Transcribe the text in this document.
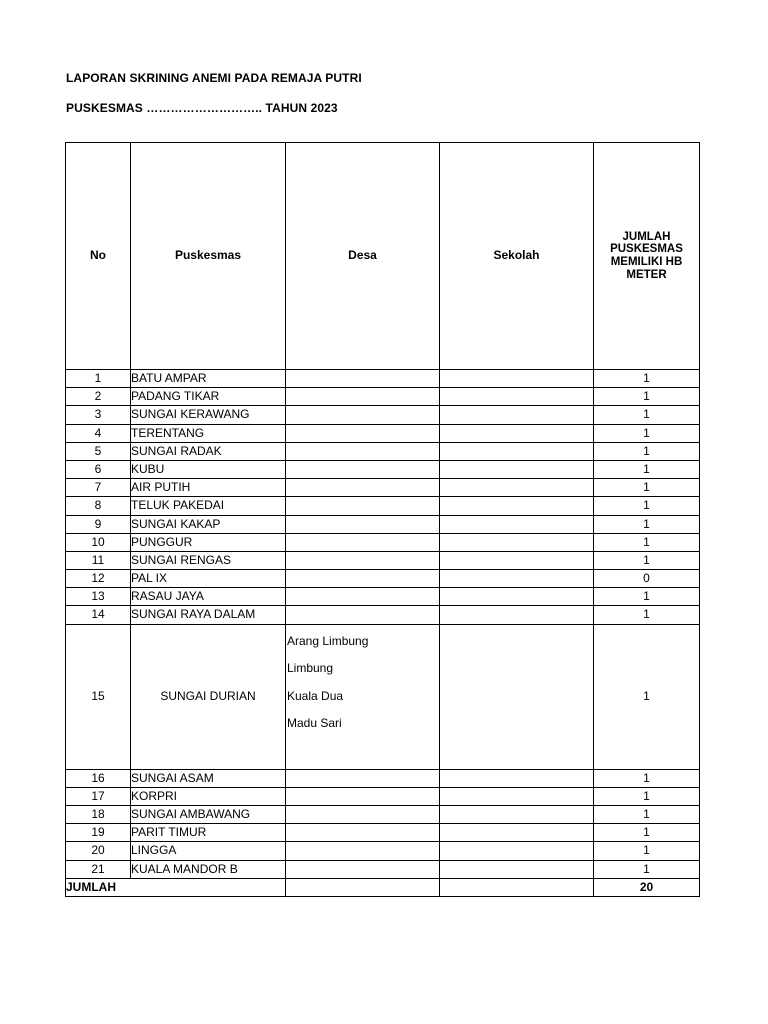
LAPORAN SKRINING ANEMI PADA REMAJA PUTRI
PUSKESMAS ……………………….. TAHUN 2023
No	Puskesmas	Desa	Sekolah	JUMLAH PUSKESMAS MEMILIKI HB METER

1	BATU AMPAR			1
2	PADANG TIKAR			1
3	SUNGAI KERAWANG			1
4	TERENTANG			1
5	SUNGAI RADAK			1
6	KUBU			1
7	AIR PUTIH			1
8	TELUK PAKEDAI			1
9	SUNGAI KAKAP			1
10	PUNGGUR			1
11	SUNGAI RENGAS			1
12	PAL IX			0
13	RASAU JAYA			1
14	SUNGAI RAYA DALAM			1
15	SUNGAI DURIAN	Arang Limbung
Limbung
Kuala Dua
Madu Sari		1
16	SUNGAI ASAM			1
17	KORPRI			1
18	SUNGAI AMBAWANG			1
19	PARIT TIMUR			1
20	LINGGA			1
21	KUALA MANDOR B			1
JUMLAH				20
